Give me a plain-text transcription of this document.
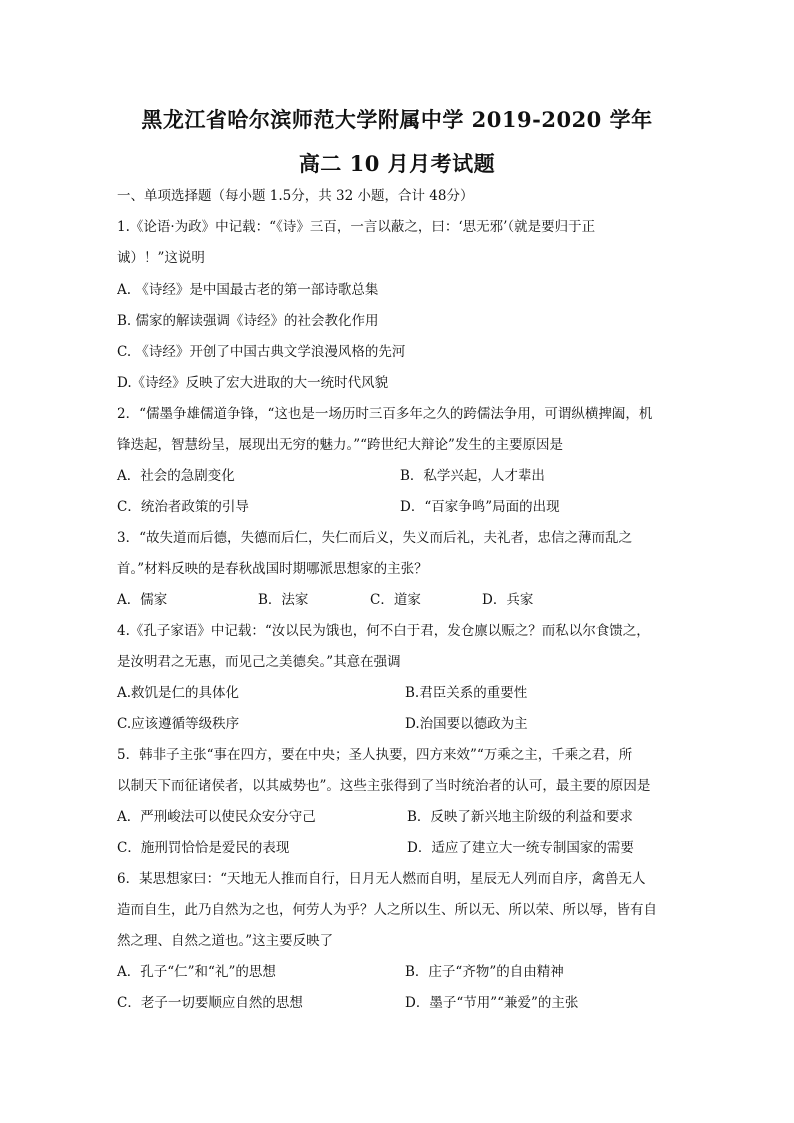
黑龙江省哈尔滨师范大学附属中学 2019-2020 学年
高二 10 月月考试题
一、单项选择题（每小题 1.5分，共 32 小题，合计 48分）
1.《论语·为政》中记载：“《诗》三百，一言以蔽之，曰：‘思无邪’（就是要归于正
诚）！”这说明
A. 《诗经》是中国最古老的第一部诗歌总集
B. 儒家的解读强调《诗经》的社会教化作用
C. 《诗经》开创了中国古典文学浪漫风格的先河
D.《诗经》反映了宏大进取的大一统时代风貌
2．“儒墨争雄儒道争锋，“这也是一场历时三百多年之久的跨儒法争用，可谓纵横捭阖，机
锋迭起，智慧纷呈，展现出无穷的魅力。”“跨世纪大辩论”发生的主要原因是
A．社会的急剧变化	B．私学兴起，人才辈出
C．统治者政策的引导	D．“百家争鸣”局面的出现
3．“故失道而后德，失德而后仁，失仁而后义，失义而后礼，夫礼者，忠信之薄而乱之
首。”材料反映的是春秋战国时期哪派思想家的主张？
A．儒家	B．法家	C．道家	D．兵家
4.《孔子家语》中记载：“汝以民为饿也，何不白于君，发仓廪以赈之？而私以尔食馈之，
是汝明君之无惠，而见己之美德矣。”其意在强调
A.救饥是仁的具体化	B.君臣关系的重要性
C.应该遵循等级秩序	D.治国要以德政为主
5．韩非子主张“事在四方，要在中央；圣人执要，四方来效”“万乘之主，千乘之君，所
以制天下而征诸侯者，以其威势也”。这些主张得到了当时统治者的认可，最主要的原因是
A．严刑峻法可以使民众安分守己	B．反映了新兴地主阶级的利益和要求
C．施刑罚恰恰是爱民的表现	D．适应了建立大一统专制国家的需要
6．某思想家曰：“天地无人推而自行，日月无人燃而自明，星辰无人列而自序，禽兽无人
造而自生，此乃自然为之也，何劳人为乎？人之所以生、所以无、所以荣、所以辱，皆有自
然之理、自然之道也。”这主要反映了
A．孔子“仁”和“礼”的思想	B．庄子“齐物”的自由精神
C．老子一切要顺应自然的思想	D．墨子“节用”“兼爱”的主张
